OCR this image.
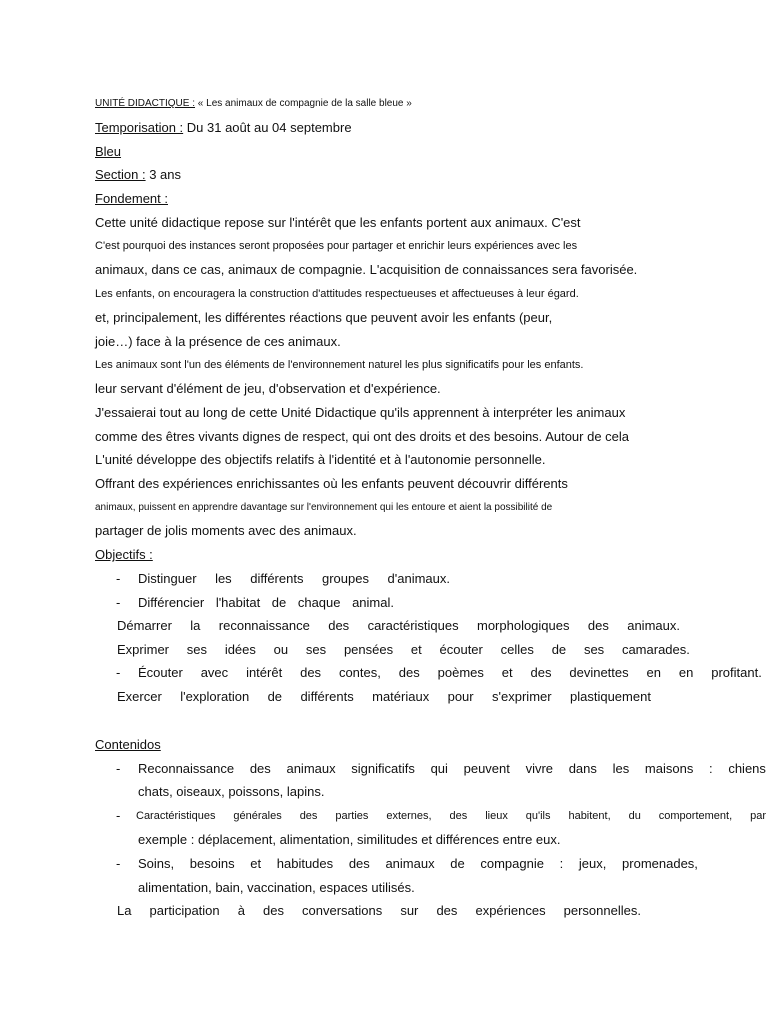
UNITÉ DIDACTIQUE : « Les animaux de compagnie de la salle bleue »
Temporisation : Du 31 août au 04 septembre
Bleu
Section : 3 ans
Fondement :
Cette unité didactique repose sur l'intérêt que les enfants portent aux animaux. C'est
C'est pourquoi des instances seront proposées pour partager et enrichir leurs expériences avec les
animaux, dans ce cas, animaux de compagnie. L'acquisition de connaissances sera favorisée.
Les enfants, on encouragera la construction d'attitudes respectueuses et affectueuses à leur égard.
et, principalement, les différentes réactions que peuvent avoir les enfants (peur,
joie…) face à la présence de ces animaux.
Les animaux sont l'un des éléments de l'environnement naturel les plus significatifs pour les enfants.
leur servant d'élément de jeu, d'observation et d'expérience.
J'essaierai tout au long de cette Unité Didactique qu'ils apprennent à interpréter les animaux
comme des êtres vivants dignes de respect, qui ont des droits et des besoins. Autour de cela
L'unité développe des objectifs relatifs à l'identité et à l'autonomie personnelle.
Offrant des expériences enrichissantes où les enfants peuvent découvrir différents
animaux, puissent en apprendre davantage sur l'environnement qui les entoure et aient la possibilité de
partager de jolis moments avec des animaux.
Objectifs :
- Distinguer les différents groupes d'animaux.
- Différencier l'habitat de chaque animal.
Démarrer la reconnaissance des caractéristiques morphologiques des animaux.
Exprimer ses idées ou ses pensées et écouter celles de ses camarades.
- Écouter avec intérêt des contes, des poèmes et des devinettes en en profitant.
Exercer l'exploration de différents matériaux pour s'exprimer plastiquement
Contenidos
- Reconnaissance des animaux significatifs qui peuvent vivre dans les maisons : chiens
chats, oiseaux, poissons, lapins.
- Caractéristiques générales des parties externes, des lieux qu'ils habitent, du comportement, par
exemple : déplacement, alimentation, similitudes et différences entre eux.
- Soins, besoins et habitudes des animaux de compagnie : jeux, promenades,
alimentation, bain, vaccination, espaces utilisés.
La participation à des conversations sur des expériences personnelles.
